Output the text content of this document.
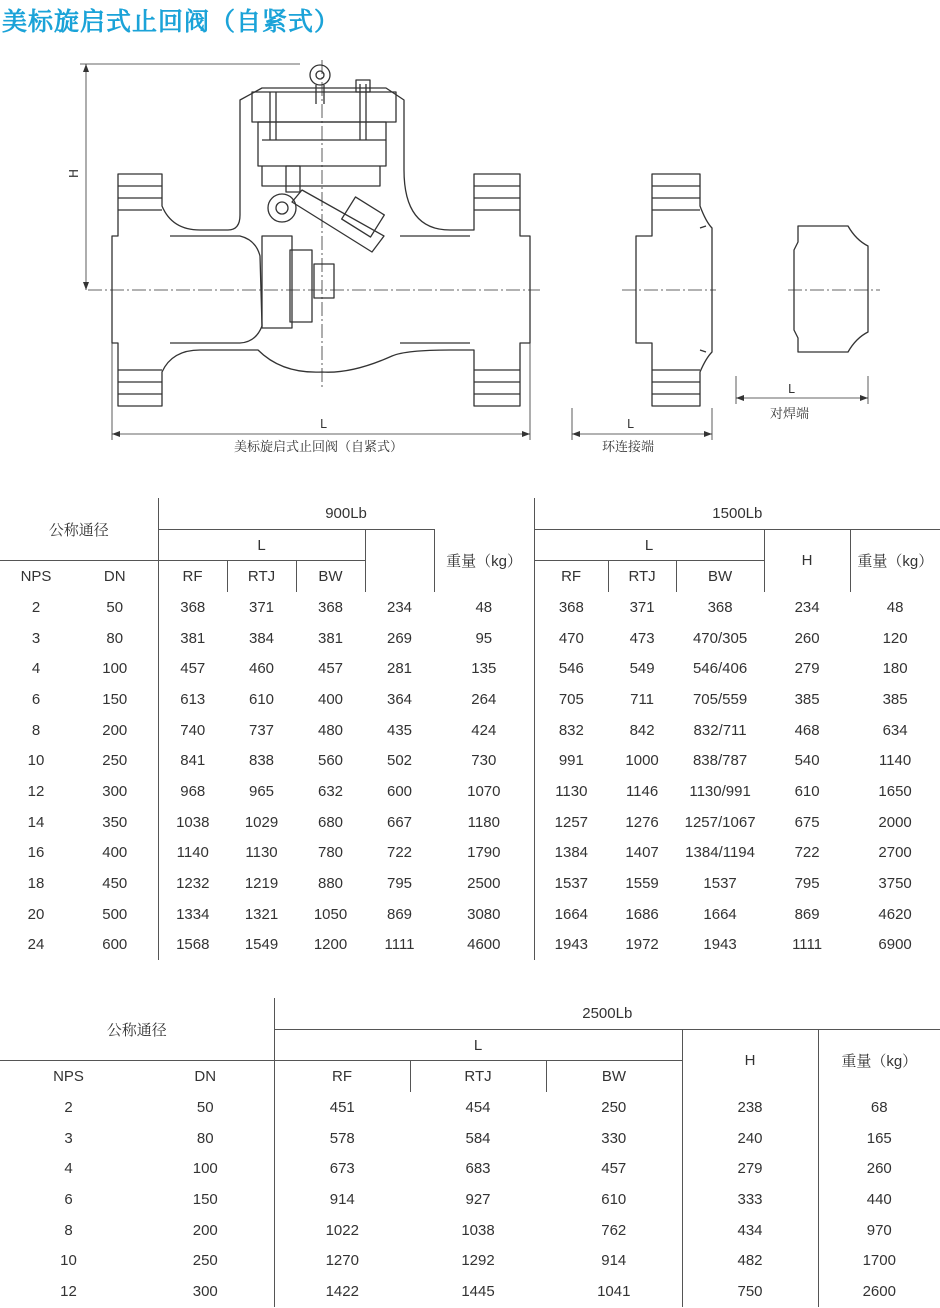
美标旋启式止回阀（自紧式）
H
L	L
L
美标旋启式止回阀（自紧式）	环连接端
对焊端
公称通径		900Lb					1500Lb				
		L				重量（kg）	L			H	重量（kg）
NPS	DN	RF	RTJ	BW			RF	RTJ	BW		
2	50	368	371	368	234	48	368	371	368	234	48
3	80	381	384	381	269	95	470	473	470/305	260	120
4	100	457	460	457	281	135	546	549	546/406	279	180
6	150	613	610	400	364	264	705	711	705/559	385	385
8	200	740	737	480	435	424	832	842	832/711	468	634
10	250	841	838	560	502	730	991	1000	838/787	540	1140
12	300	968	965	632	600	1070	1130	1146	1130/991	610	1650
14	350	1038	1029	680	667	1180	1257	1276	1257/1067	675	2000
16	400	1140	1130	780	722	1790	1384	1407	1384/1194	722	2700
18	450	1232	1219	880	795	2500	1537	1559	1537	795	3750
20	500	1334	1321	1050	869	3080	1664	1686	1664	869	4620
24	600	1568	1549	1200	1111	4600	1943	1972	1943	1111	6900
公称通径		2500Lb				
		L			H	重量（kg）
NPS	DN	RF	RTJ	BW		
2	50	451	454	250	238	68
3	80	578	584	330	240	165
4	100	673	683	457	279	260
6	150	914	927	610	333	440
8	200	1022	1038	762	434	970
10	250	1270	1292	914	482	1700
12	300	1422	1445	1041	750	2600
